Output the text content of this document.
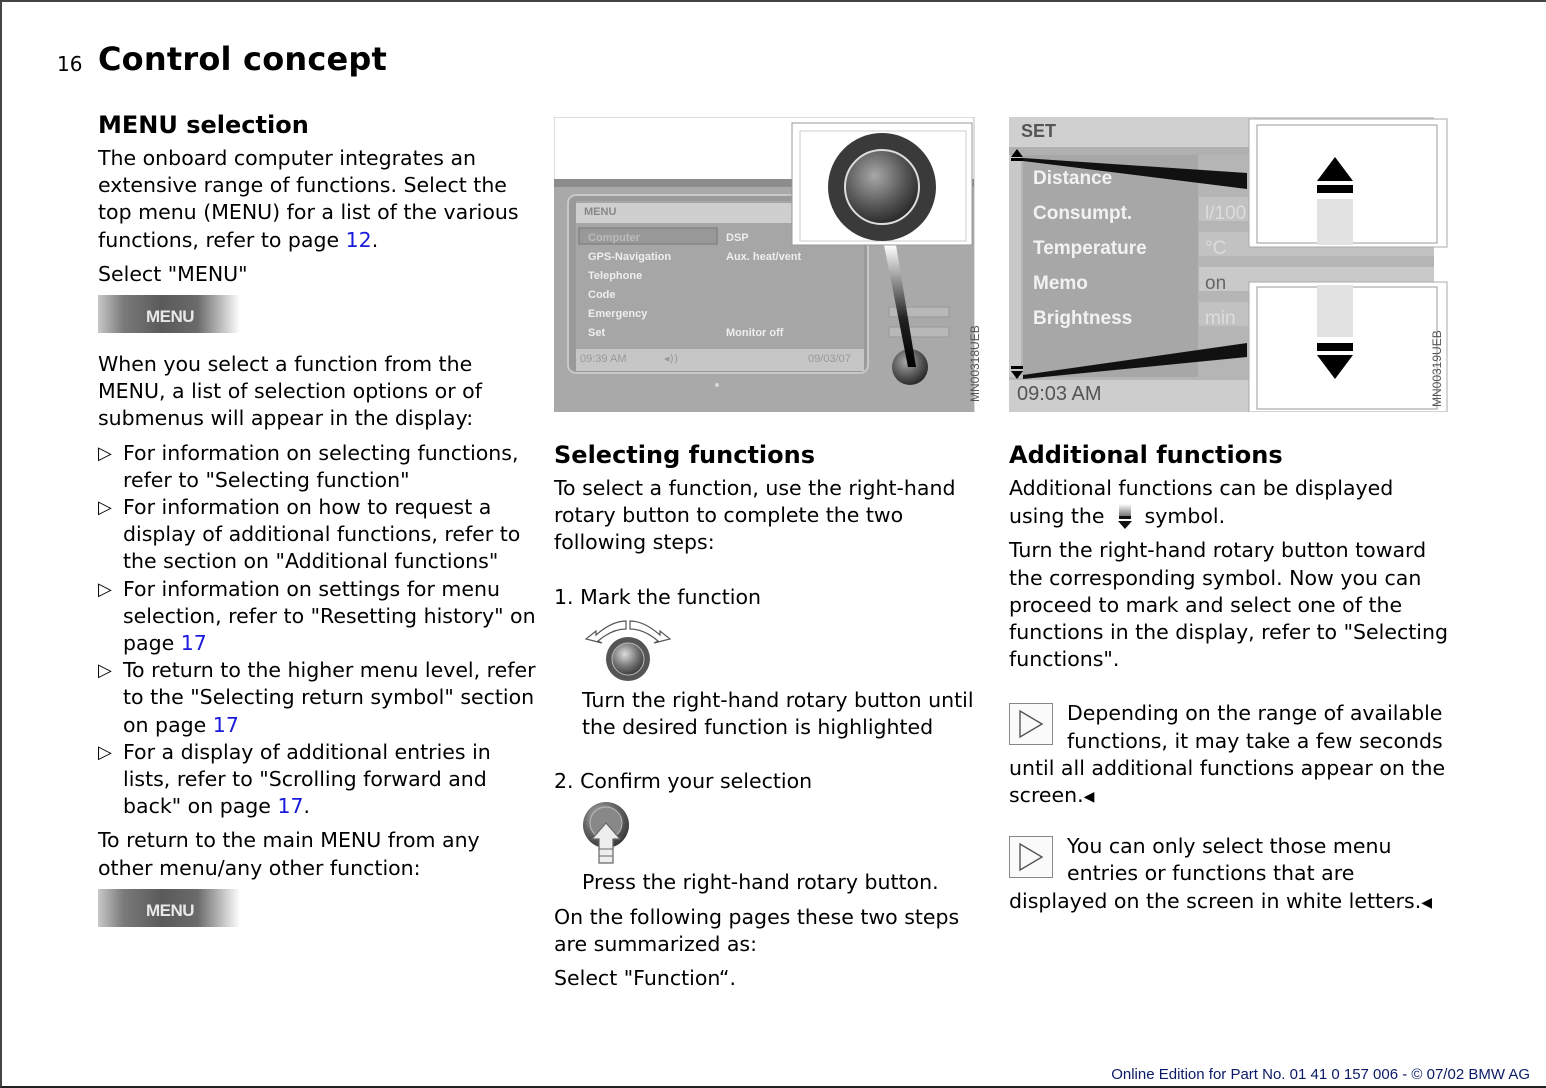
16 Control concept
MENU selection

The onboard computer integrates an extensive range of functions. Select the top menu (MENU) for a list of the various functions, refer to page 12.

Select "MENU"

MENU

When you select a function from the MENU, a list of selection options or of submenus will appear in the display:

▷ For information on selecting functions, refer to "Selecting function"
▷ For information on how to request a display of additional functions, refer to the section on "Additional functions"
▷ For information on settings for menu selection, refer to "Resetting history" on page 17
▷ To return to the higher menu level, refer to the "Selecting return symbol" section on page 17
▷ For a display of additional entries in lists, refer to "Scrolling forward and back" on page 17.

To return to the main MENU from any other menu/any other function:

MENU
MN00318UEB
MENU
Computer
GPS-Navigation
Telephone
Code
Emergency
Set
DSP
Aux. heat/vent
Monitor off
09:39 AM	◂))	09/03/07	MN00319UEB
SET
Distance
Consumpt.
Temperature
Memo
Brightness
l/100
°C
on
min
09:03 AM
Selecting functions

To select a function, use the right-hand rotary button to complete the two following steps:

1. Mark the function

Turn the right-hand rotary button until the desired function is highlighted

2. Confirm your selection

Press the right-hand rotary button.

On the following pages these two steps are summarized as:

Select "Function“.

Additional functions

Additional functions can be displayed using the symbol.

Turn the right-hand rotary button toward the corresponding symbol. Now you can proceed to mark and select one of the functions in the display, refer to "Selecting functions".

Depending on the range of available functions, it may take a few seconds until all additional functions appear on the screen.◀
You can only select those menu entries or functions that are displayed on the screen in white letters.◀
Online Edition for Part No. 01 41 0 157 006 - © 07/02 BMW AG
